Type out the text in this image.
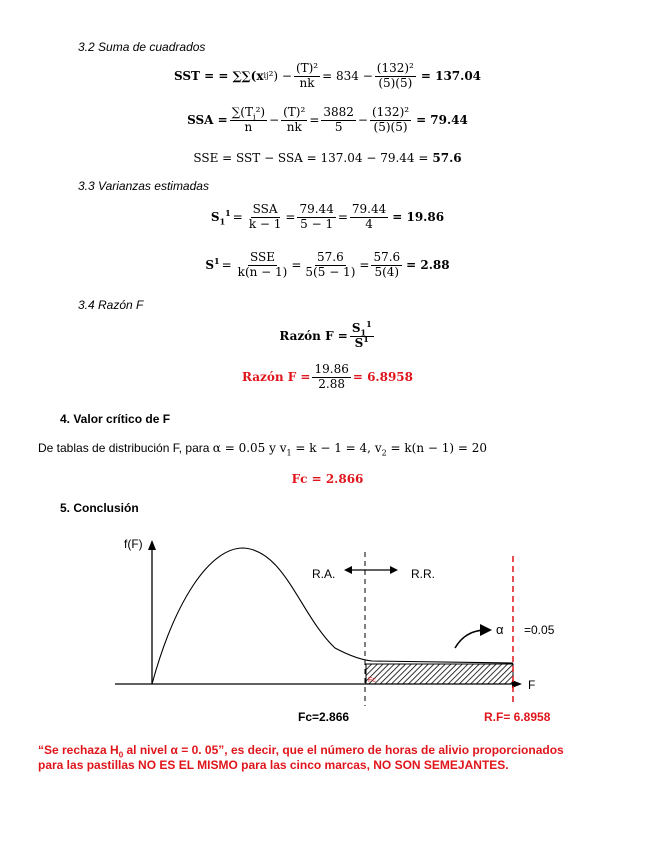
3.2 Suma de cuadrados
SST = = ∑∑(x ij $^2) - \frac{\text{(T)²}}{nk} = 834 - \frac{\text{(132)²}}{(5)(5)} = 137.04$
SSA = $\frac{\sum(T_i^2)}{n} - \frac{\text{(T)²}}{nk} = \frac{3882}{5} - \frac{\text{(132)²}}{(5)(5)} = 79.44$
SSE = SST − SSA = 137.04 − 79.44 = 57.6
3.3 Varianzas estimadas
$S_1^1 = \frac{\text{SSA}}{k - 1} = \frac{79.44}{5 - 1} = \frac{79.44}{4} = 19.86$
$S^1 = \frac{\text{SSE}}{k(n - 1)} = \frac{57.6}{5(5 - 1)} = \frac{57.6}{5(4)} = 2.88$
3.4 Razón F
Razón $F = \frac{S_1^1}{S^1}$
Razón $F = \frac{19.86}{2.88} = 6.8958$
4. Valor crítico de F
De tablas de distribución F, para α = 0.05 y $v_1 = k - 1 = 4$, $v_2 = k(n - 1) = 20$
Fc = 2.866
5. Conclusión
f(F)
F
R.A.	R.R.
α =0.05
Fc
Fc=2.866	R.F= 6.8958
“Se rechaza $H_0$ al nivel α = 0. 05”, es decir, que el número de horas de alivio proporcionados
para las pastillas NO ES EL MISMO para las cinco marcas, NO SON SEMEJANTES.
